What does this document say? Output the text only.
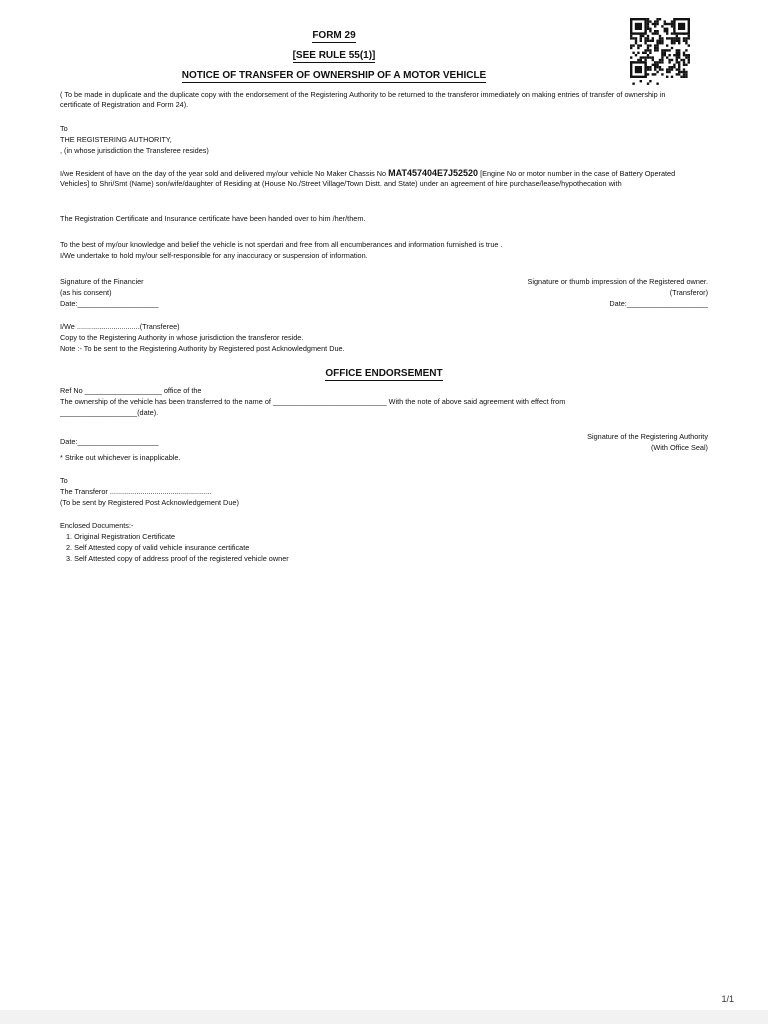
FORM 29
[SEE RULE 55(1)]
NOTICE OF TRANSFER OF OWNERSHIP OF A MOTOR VEHICLE
( To be made in duplicate and the duplicate copy with the endorsement of the Registering Authority to be returned to the transferor immediately on making entries of transfer of ownership in certificate of Registration and Form 24).
To
THE REGISTERING AUTHORITY,
, (in whose jurisdiction the Transferee resides)
I/we Resident of have on the day of the year sold and delivered my/our vehicle No Maker Chassis No MAT457404E7J52520 [Engine No or motor number in the case of Battery Operated Vehicles] to Shri/Smt (Name) son/wife/daughter of Residing at (House No./Street Village/Town Distt. and State) under an agreement of hire purchase/lease/hypothecation with
The Registration Certificate and Insurance certificate have been handed over to him /her/them.
To the best of my/our knowledge and belief the vehicle is not sperdari and free from all encumberances and information furnished is true .
I/We undertake to hold my/our self-responsible for any inaccuracy or suspension of information.
Signature of the Financier
(as his consent)
Date:____________________
Signature or thumb impression of the Registered owner.
(Transferor)
Date:____________________
I/We ...............................(Transferee)
Copy to the Registering Authority in whose jurisdiction the transferor reside.
Note :- To be sent to the Registering Authority by Registered post Acknowledgment Due.
OFFICE ENDORSEMENT
Ref No ___________________ office of the
The ownership of the vehicle has been transferred to the name of ____________________________ With the note of above said agreement with effect from
___________________(date).
Date:____________________
Signature of the Registering Authority
(With Office Seal)
* Strike out whichever is inapplicable.
To
The Transferor ..................................................
(To be sent by Registered Post Acknowledgement Due)
Enclosed Documents:-
1. Original Registration Certificate
2. Self Attested copy of valid vehicle insurance certificate
3. Self Attested copy of address proof of the registered vehicle owner
1/1
